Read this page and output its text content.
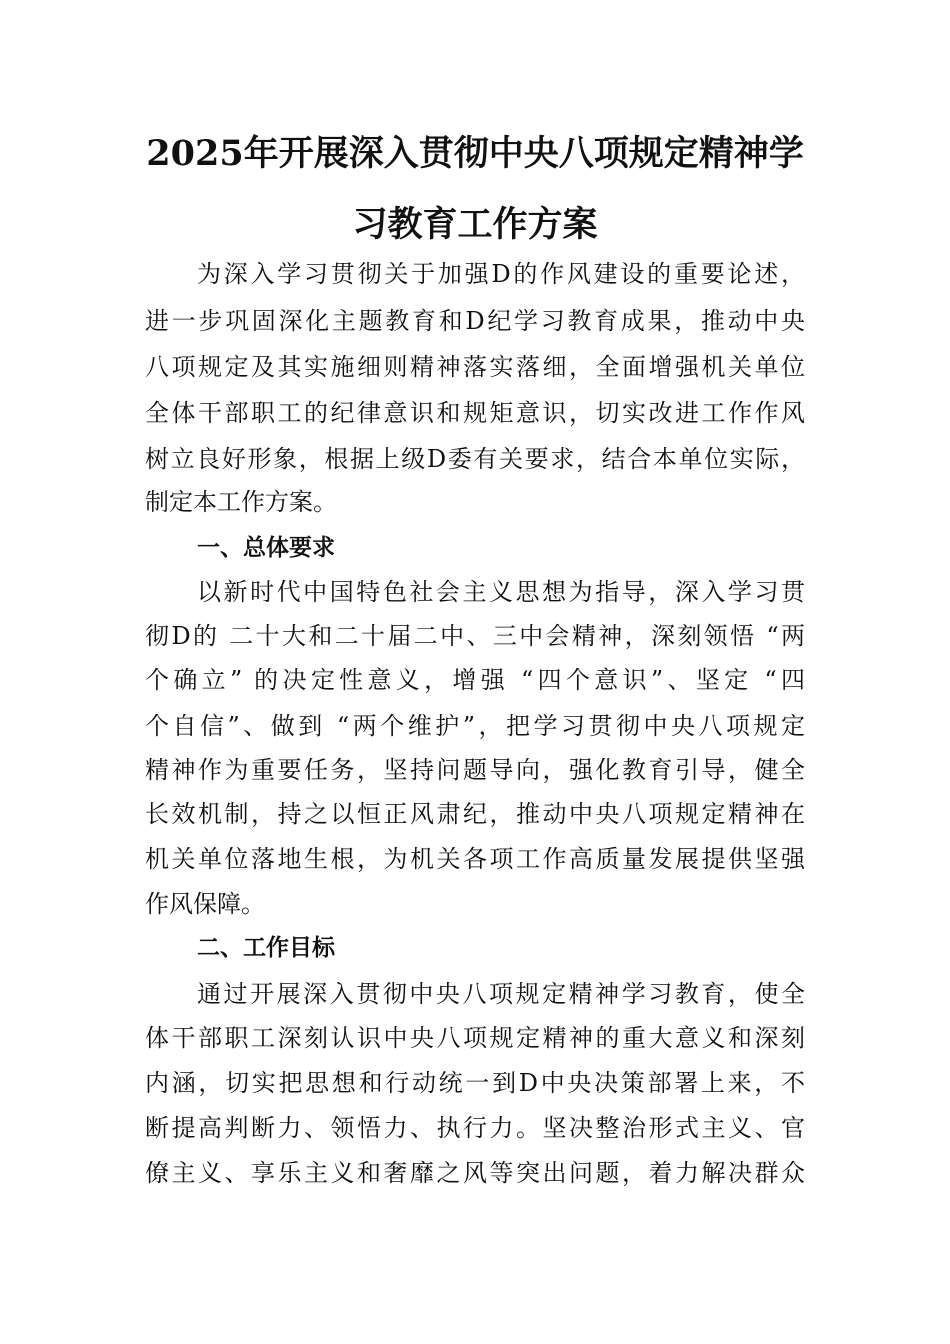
2025年开展深入贯彻中央八项规定精神学
习教育工作方案
为深入学习贯彻关于加强D的作风建设的重要论述，
进一步巩固深化主题教育和D纪学习教育成果，推动中央
八项规定及其实施细则精神落实落细，全面增强机关单位
全体干部职工的纪律意识和规矩意识，切实改进工作作风
树立良好形象，根据上级D委有关要求，结合本单位实际，
制定本工作方案。
一、总体要求
以新时代中国特色社会主义思想为指导，深入学习贯
彻D的 二十大和二十届二中、三中会精神，深刻领悟 “两
个确立” 的决定性意义，增强 “四个意识”、坚定 “四
个自信”、做到 “两个维护”，把学习贯彻中央八项规定
精神作为重要任务，坚持问题导向，强化教育引导，健全
长效机制，持之以恒正风肃纪，推动中央八项规定精神在
机关单位落地生根，为机关各项工作高质量发展提供坚强
作风保障。
二、工作目标
通过开展深入贯彻中央八项规定精神学习教育，使全
体干部职工深刻认识中央八项规定精神的重大意义和深刻
内涵，切实把思想和行动统一到D中央决策部署上来，不
断提高判断力、领悟力、执行力。坚决整治形式主义、官
僚主义、享乐主义和奢靡之风等突出问题，着力解决群众
